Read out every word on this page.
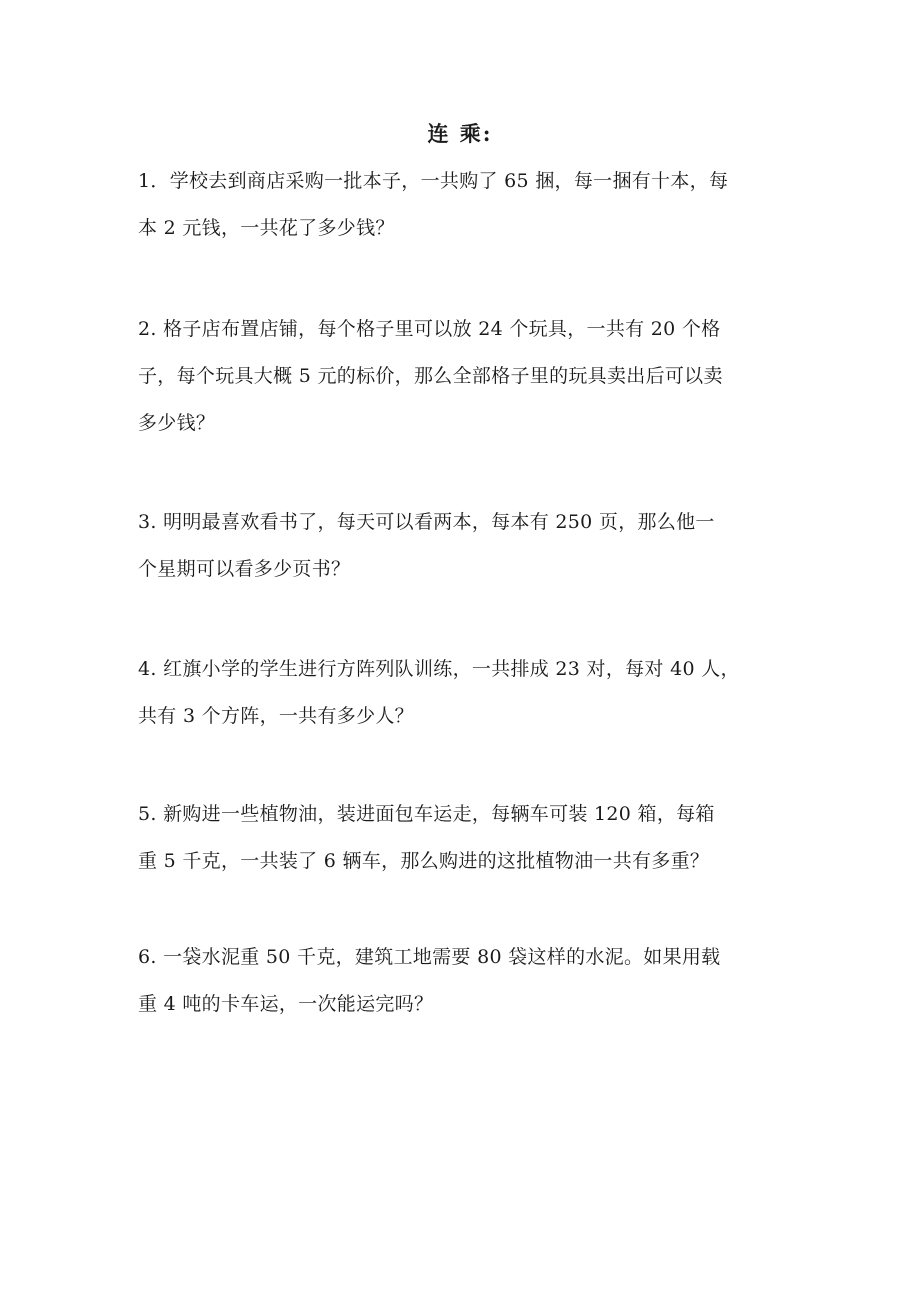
连 乘:

1．学校去到商店采购一批本子，一共购了 65 捆，每一捆有十本，每

本 2 元钱，一共花了多少钱？

2. 格子店布置店铺，每个格子里可以放 24 个玩具，一共有 20 个格

子，每个玩具大概 5 元的标价，那么全部格子里的玩具卖出后可以卖

多少钱？

3. 明明最喜欢看书了，每天可以看两本，每本有 250 页，那么他一

个星期可以看多少页书？

4. 红旗小学的学生进行方阵列队训练，一共排成 23 对，每对 40 人，

共有 3 个方阵，一共有多少人？

5. 新购进一些植物油，装进面包车运走，每辆车可装 120 箱，每箱

重 5 千克，一共装了 6 辆车，那么购进的这批植物油一共有多重？

6. 一袋水泥重 50 千克，建筑工地需要 80 袋这样的水泥。如果用载

重 4 吨的卡车运，一次能运完吗？
